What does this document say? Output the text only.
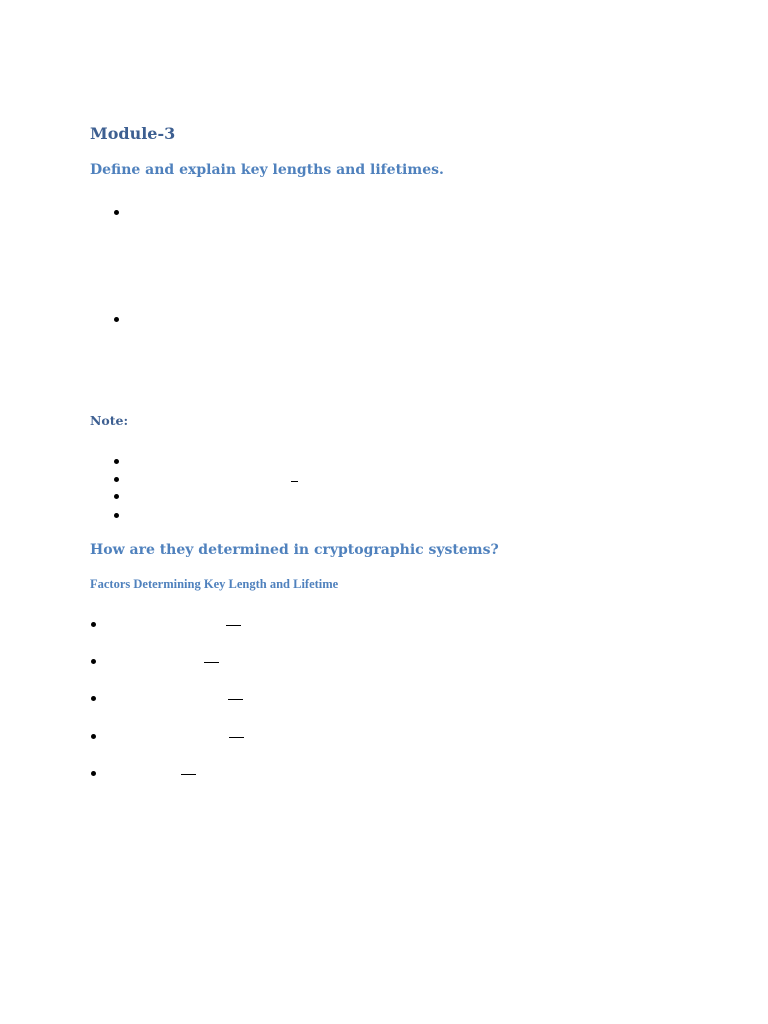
Module-3
Define and explain key lengths and lifetimes.
Note:
How are they determined in cryptographic systems?
Factors Determining Key Length and Lifetime
